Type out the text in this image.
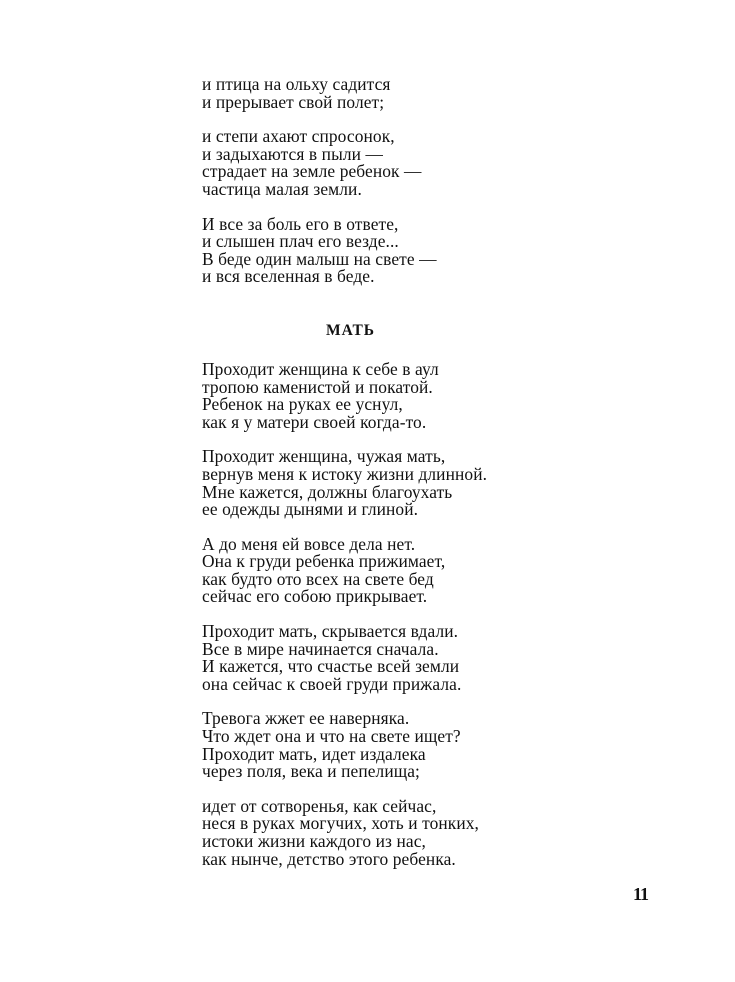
и птица на ольху садится
и прерывает свой полет;
и степи ахают спросонок,
и задыхаются в пыли —
страдает на земле ребенок —
частица малая земли.
И все за боль его в ответе,
и слышен плач его везде...
В беде один малыш на свете —
и вся вселенная в беде.
МАТЬ
Проходит женщина к себе в аул
тропою каменистой и покатой.
Ребенок на руках ее уснул,
как я у матери своей когда-то.
Проходит женщина, чужая мать,
вернув меня к истоку жизни длинной.
Мне кажется, должны благоухать
ее одежды дынями и глиной.
А до меня ей вовсе дела нет.
Она к груди ребенка прижимает,
как будто ото всех на свете бед
сейчас его собою прикрывает.
Проходит мать, скрывается вдали.
Все в мире начинается сначала.
И кажется, что счастье всей земли
она сейчас к своей груди прижала.
Тревога жжет ее наверняка.
Что ждет она и что на свете ищет?
Проходит мать, идет издалека
через поля, века и пепелища;
идет от сотворенья, как сейчас,
неся в руках могучих, хоть и тонких,
истоки жизни каждого из нас,
как нынче, детство этого ребенка.
11
